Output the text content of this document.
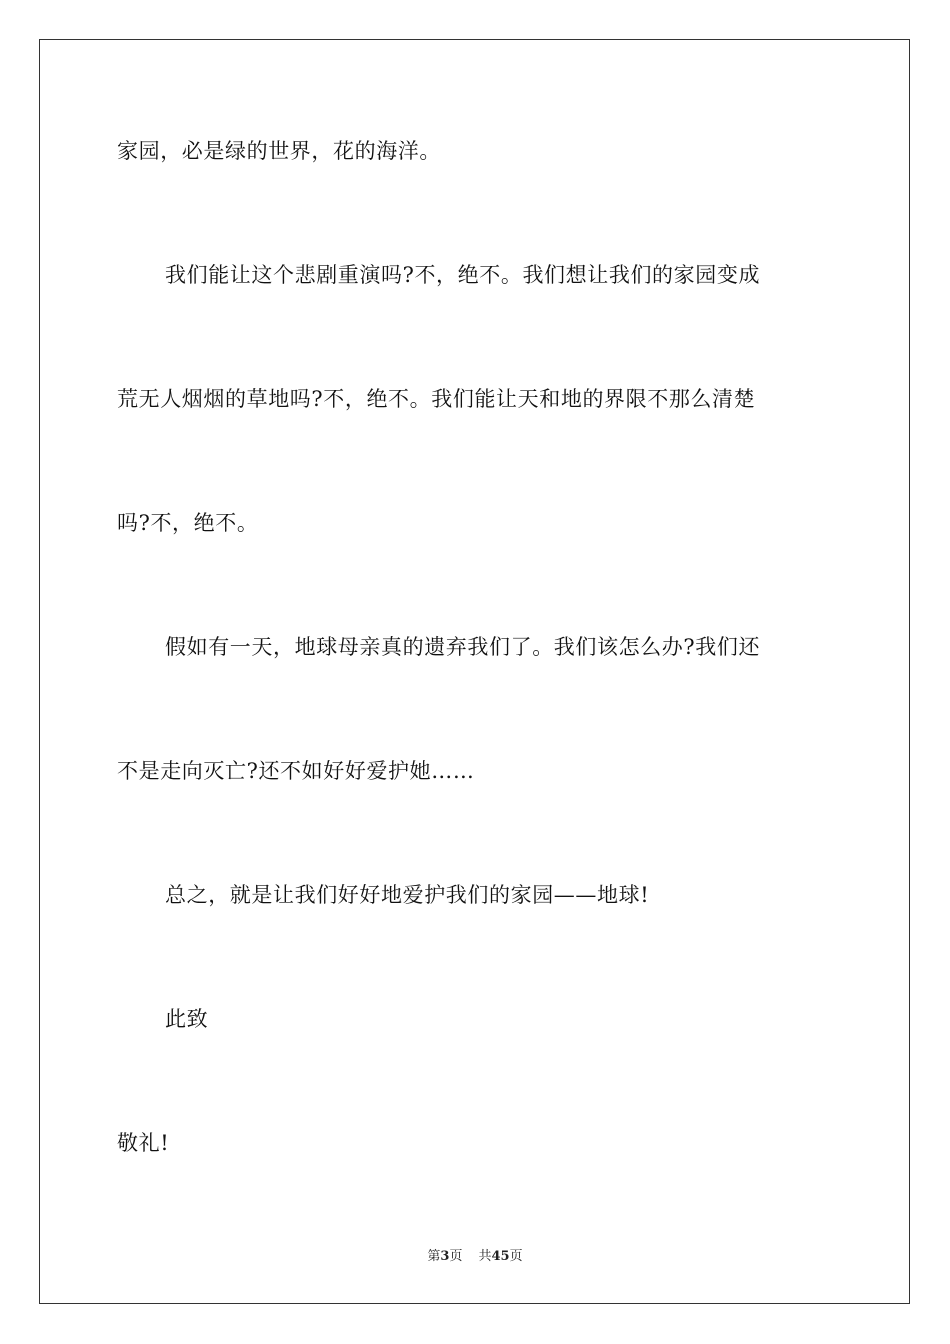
家园，必是绿的世界，花的海洋。
我们能让这个悲剧重演吗?不，绝不。我们想让我们的家园变成
荒无人烟烟的草地吗?不，绝不。我们能让天和地的界限不那么清楚
吗?不，绝不。
假如有一天，地球母亲真的遗弃我们了。我们该怎么办?我们还
不是走向灭亡?还不如好好爱护她……
总之，就是让我们好好地爱护我们的家园——地球!
此致
敬礼!
第3页 共45页
